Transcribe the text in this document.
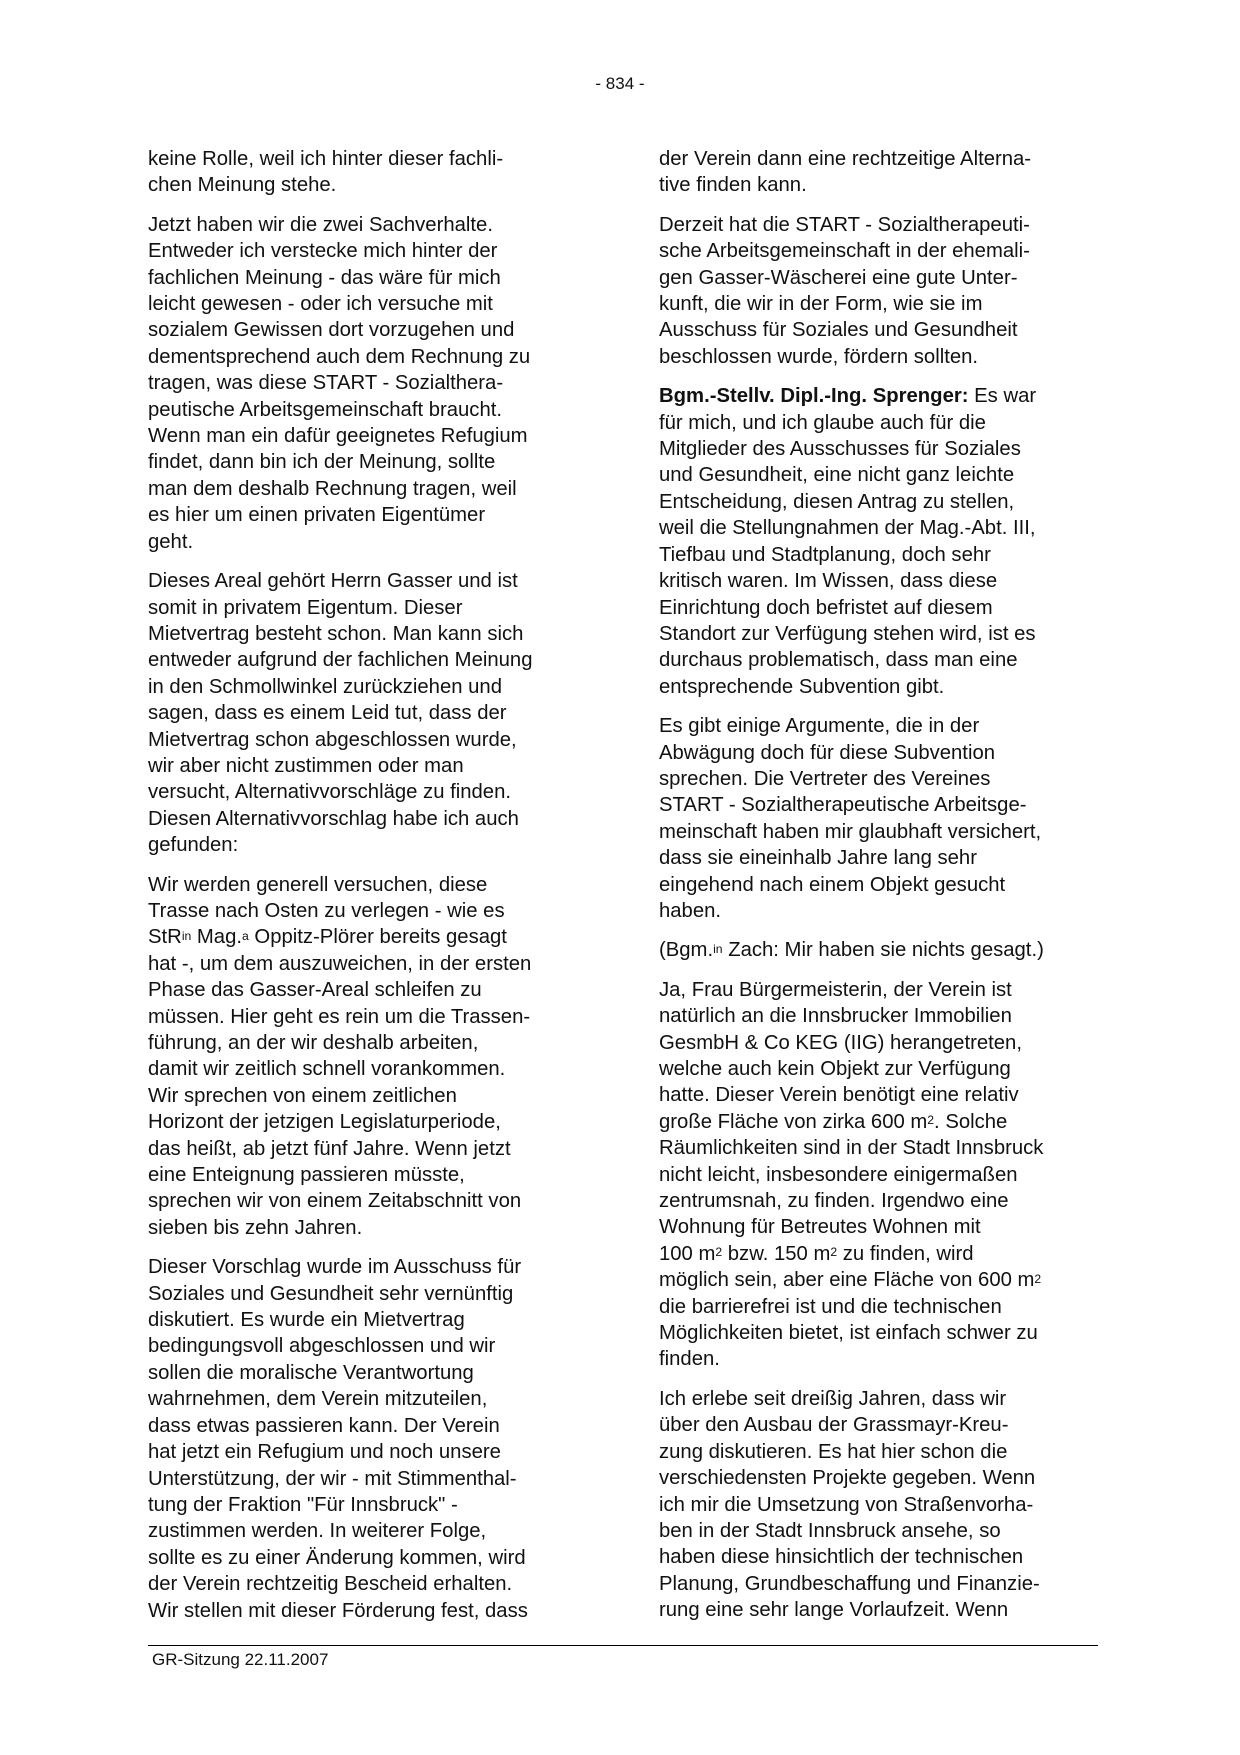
- 834 -

keine Rolle, weil ich hinter dieser fachli-
chen Meinung stehe.

Jetzt haben wir die zwei Sachverhalte.
Entweder ich verstecke mich hinter der
fachlichen Meinung - das wäre für mich
leicht gewesen - oder ich versuche mit
sozialem Gewissen dort vorzugehen und
dementsprechend auch dem Rechnung zu
tragen, was diese START - Sozialthera-
peutische Arbeitsgemeinschaft braucht.
Wenn man ein dafür geeignetes Refugium
findet, dann bin ich der Meinung, sollte
man dem deshalb Rechnung tragen, weil
es hier um einen privaten Eigentümer
geht.

Dieses Areal gehört Herrn Gasser und ist
somit in privatem Eigentum. Dieser
Mietvertrag besteht schon. Man kann sich
entweder aufgrund der fachlichen Meinung
in den Schmollwinkel zurückziehen und
sagen, dass es einem Leid tut, dass der
Mietvertrag schon abgeschlossen wurde,
wir aber nicht zustimmen oder man
versucht, Alternativvorschläge zu finden.
Diesen Alternativvorschlag habe ich auch
gefunden:

Wir werden generell versuchen, diese
Trasse nach Osten zu verlegen - wie es
StR$^{in}$ Mag.$^a$ Oppitz-Plörer bereits gesagt
hat -, um dem auszuweichen, in der ersten
Phase das Gasser-Areal schleifen zu
müssen. Hier geht es rein um die Trassen-
führung, an der wir deshalb arbeiten,
damit wir zeitlich schnell vorankommen.
Wir sprechen von einem zeitlichen
Horizont der jetzigen Legislaturperiode,
das heißt, ab jetzt fünf Jahre. Wenn jetzt
eine Enteignung passieren müsste,
sprechen wir von einem Zeitabschnitt von
sieben bis zehn Jahren.

Dieser Vorschlag wurde im Ausschuss für
Soziales und Gesundheit sehr vernünftig
diskutiert. Es wurde ein Mietvertrag
bedingungsvoll abgeschlossen und wir
sollen die moralische Verantwortung
wahrnehmen, dem Verein mitzuteilen,
dass etwas passieren kann. Der Verein
hat jetzt ein Refugium und noch unsere
Unterstützung, der wir - mit Stimmenthal-
tung der Fraktion "Für Innsbruck" -
zustimmen werden. In weiterer Folge,
sollte es zu einer Änderung kommen, wird
der Verein rechtzeitig Bescheid erhalten.
Wir stellen mit dieser Förderung fest, dass

der Verein dann eine rechtzeitige Alterna-
tive finden kann.

Derzeit hat die START - Sozialtherapeuti-
sche Arbeitsgemeinschaft in der ehemali-
gen Gasser-Wäscherei eine gute Unter-
kunft, die wir in der Form, wie sie im
Ausschuss für Soziales und Gesundheit
beschlossen wurde, fördern sollten.

Bgm.-Stellv. Dipl.-Ing. Sprenger: Es war
für mich, und ich glaube auch für die
Mitglieder des Ausschusses für Soziales
und Gesundheit, eine nicht ganz leichte
Entscheidung, diesen Antrag zu stellen,
weil die Stellungnahmen der Mag.-Abt. III,
Tiefbau und Stadtplanung, doch sehr
kritisch waren. Im Wissen, dass diese
Einrichtung doch befristet auf diesem
Standort zur Verfügung stehen wird, ist es
durchaus problematisch, dass man eine
entsprechende Subvention gibt.

Es gibt einige Argumente, die in der
Abwägung doch für diese Subvention
sprechen. Die Vertreter des Vereines
START - Sozialtherapeutische Arbeitsge-
meinschaft haben mir glaubhaft versichert,
dass sie eineinhalb Jahre lang sehr
eingehend nach einem Objekt gesucht
haben.

(Bgm.$^{in}$ Zach: Mir haben sie nichts gesagt.)

Ja, Frau Bürgermeisterin, der Verein ist
natürlich an die Innsbrucker Immobilien
GesmbH & Co KEG (IIG) herangetreten,
welche auch kein Objekt zur Verfügung
hatte. Dieser Verein benötigt eine relativ
große Fläche von zirka 600 $m^2$. Solche
Räumlichkeiten sind in der Stadt Innsbruck
nicht leicht, insbesondere einigermaßen
zentrumsnah, zu finden. Irgendwo eine
Wohnung für Betreutes Wohnen mit
100 $m^2$ bzw. 150 $m^2$ zu finden, wird
möglich sein, aber eine Fläche von 600 $m^2$
die barrierefrei ist und die technischen
Möglichkeiten bietet, ist einfach schwer zu
finden.

Ich erlebe seit dreißig Jahren, dass wir
über den Ausbau der Grassmayr-Kreu-
zung diskutieren. Es hat hier schon die
verschiedensten Projekte gegeben. Wenn
ich mir die Umsetzung von Straßenvorha-
ben in der Stadt Innsbruck ansehe, so
haben diese hinsichtlich der technischen
Planung, Grundbeschaffung und Finanzie-
rung eine sehr lange Vorlaufzeit. Wenn

GR-Sitzung 22.11.2007
